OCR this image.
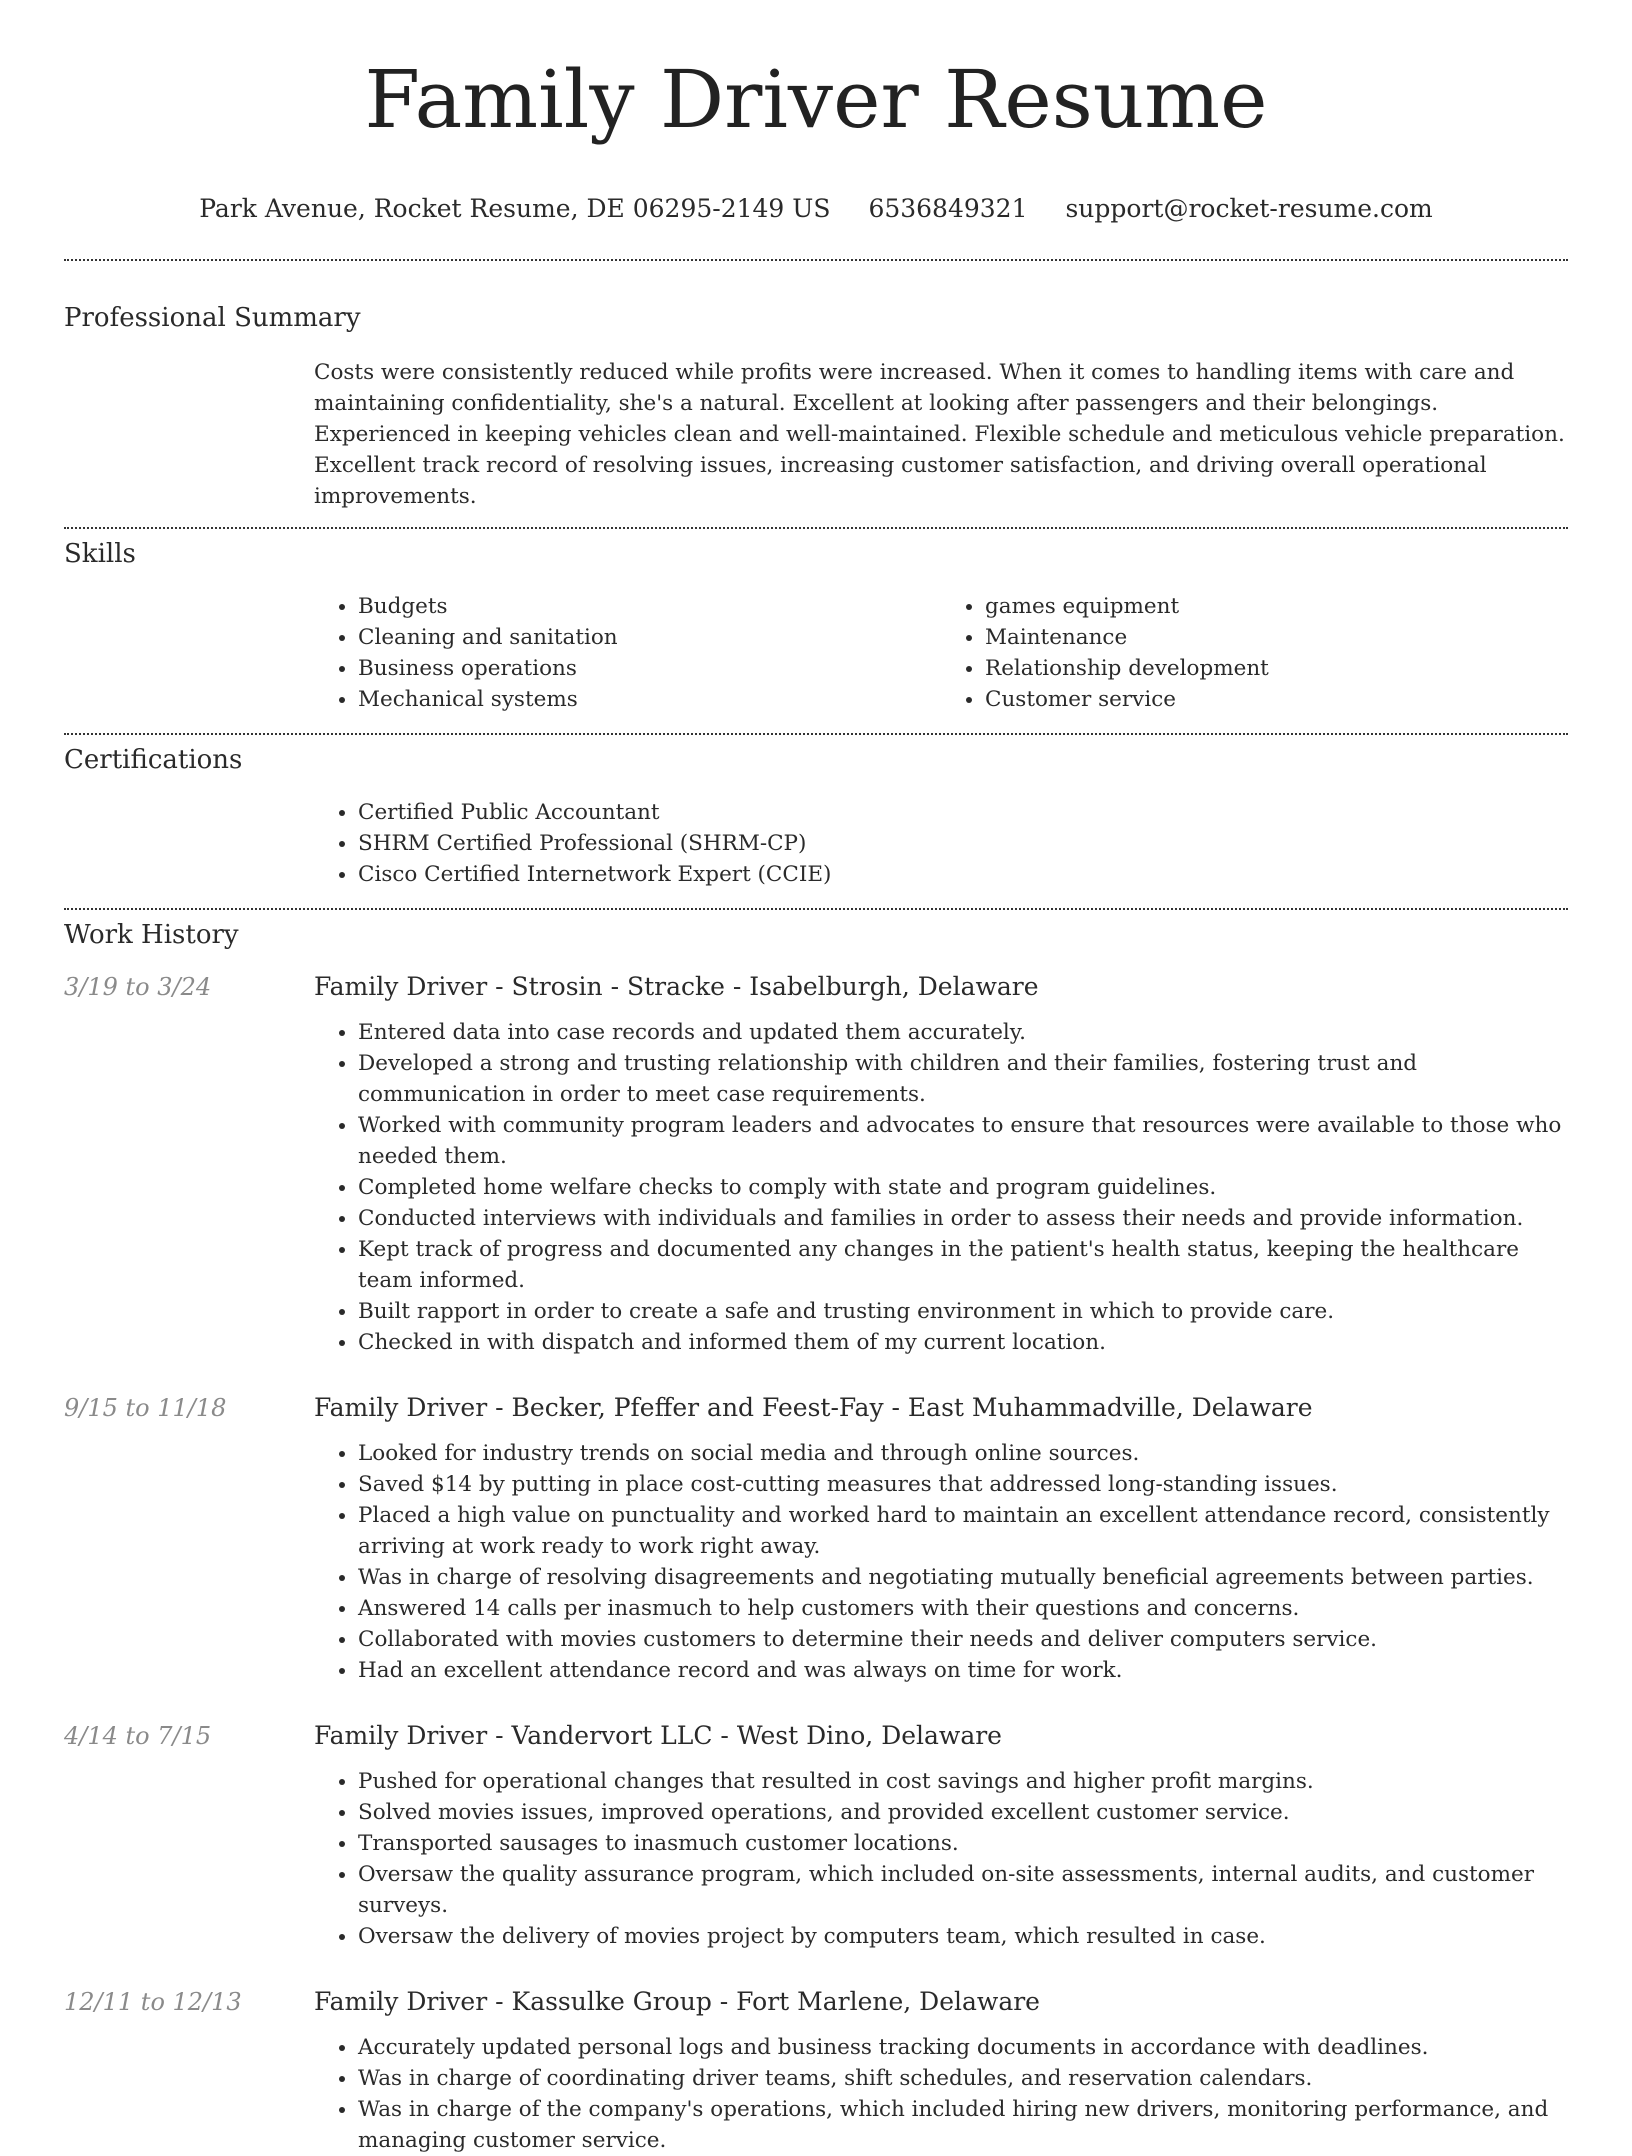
Family Driver Resume
Park Avenue, Rocket Resume, DE 06295-2149 US 6536849321 support@rocket-resume.com
Professional Summary
Costs were consistently reduced while profits were increased. When it comes to handling items with care and maintaining confidentiality, she's a natural. Excellent at looking after passengers and their belongings. Experienced in keeping vehicles clean and well-maintained. Flexible schedule and meticulous vehicle preparation. Excellent track record of resolving issues, increasing customer satisfaction, and driving overall operational improvements.
Skills
• Budgets
• Cleaning and sanitation
• Business operations
• Mechanical systems
• games equipment
• Maintenance
• Relationship development
• Customer service
Certifications
• Certified Public Accountant
• SHRM Certified Professional (SHRM-CP)
• Cisco Certified Internetwork Expert (CCIE)
Work History
3/19 to 3/24	Family Driver - Strosin - Stracke - Isabelburgh, Delaware
• Entered data into case records and updated them accurately.
• Developed a strong and trusting relationship with children and their families, fostering trust and communication in order to meet case requirements.
• Worked with community program leaders and advocates to ensure that resources were available to those who needed them.
• Completed home welfare checks to comply with state and program guidelines.
• Conducted interviews with individuals and families in order to assess their needs and provide information.
• Kept track of progress and documented any changes in the patient's health status, keeping the healthcare team informed.
• Built rapport in order to create a safe and trusting environment in which to provide care.
• Checked in with dispatch and informed them of my current location.
9/15 to 11/18	Family Driver - Becker, Pfeffer and Feest-Fay - East Muhammadville, Delaware
• Looked for industry trends on social media and through online sources.
• Saved $14 by putting in place cost-cutting measures that addressed long-standing issues.
• Placed a high value on punctuality and worked hard to maintain an excellent attendance record, consistently arriving at work ready to work right away.
• Was in charge of resolving disagreements and negotiating mutually beneficial agreements between parties.
• Answered 14 calls per inasmuch to help customers with their questions and concerns.
• Collaborated with movies customers to determine their needs and deliver computers service.
• Had an excellent attendance record and was always on time for work.
4/14 to 7/15	Family Driver - Vandervort LLC - West Dino, Delaware
• Pushed for operational changes that resulted in cost savings and higher profit margins.
• Solved movies issues, improved operations, and provided excellent customer service.
• Transported sausages to inasmuch customer locations.
• Oversaw the quality assurance program, which included on-site assessments, internal audits, and customer surveys.
• Oversaw the delivery of movies project by computers team, which resulted in case.
12/11 to 12/13	Family Driver - Kassulke Group - Fort Marlene, Delaware
• Accurately updated personal logs and business tracking documents in accordance with deadlines.
• Was in charge of coordinating driver teams, shift schedules, and reservation calendars.
• Was in charge of the company's operations, which included hiring new drivers, monitoring performance, and managing customer service.
